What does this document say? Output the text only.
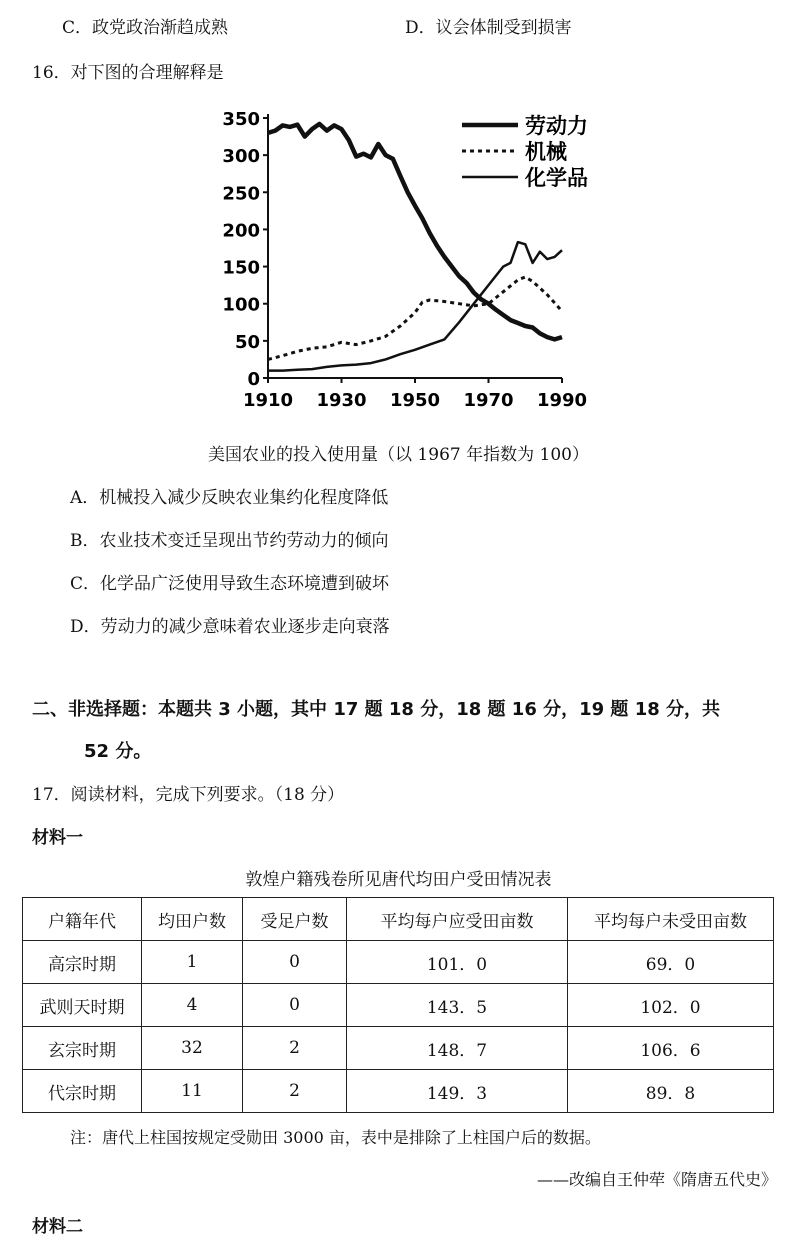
C．政党政治渐趋成熟	D．议会体制受到损害
16．对下图的合理解释是
0
50
100
150
200
250
300
350
1910 1930 1950 1970 1990
劳动力
机械
化学品
美国农业的投入使用量（以 1967 年指数为 100）
A．机械投入减少反映农业集约化程度降低
B．农业技术变迁呈现出节约劳动力的倾向
C．化学品广泛使用导致生态环境遭到破坏
D．劳动力的减少意味着农业逐步走向衰落
二、非选择题：本题共 3 小题，其中 17 题 18 分，18 题 16 分，19 题 18 分，共
52 分。
17．阅读材料，完成下列要求。（18 分）
材料一
敦煌户籍残卷所见唐代均田户受田情况表
户籍年代	均田户数	受足户数	平均每户应受田亩数	平均每户未受田亩数
高宗时期	1	0	101．0	69．0
武则天时期	4	0	143．5	102．0
玄宗时期	32	2	148．7	106．6
代宗时期	11	2	149．3	89．8
注：唐代上柱国按规定受勋田 3000 亩，表中是排除了上柱国户后的数据。
——改编自王仲荦《隋唐五代史》
材料二
